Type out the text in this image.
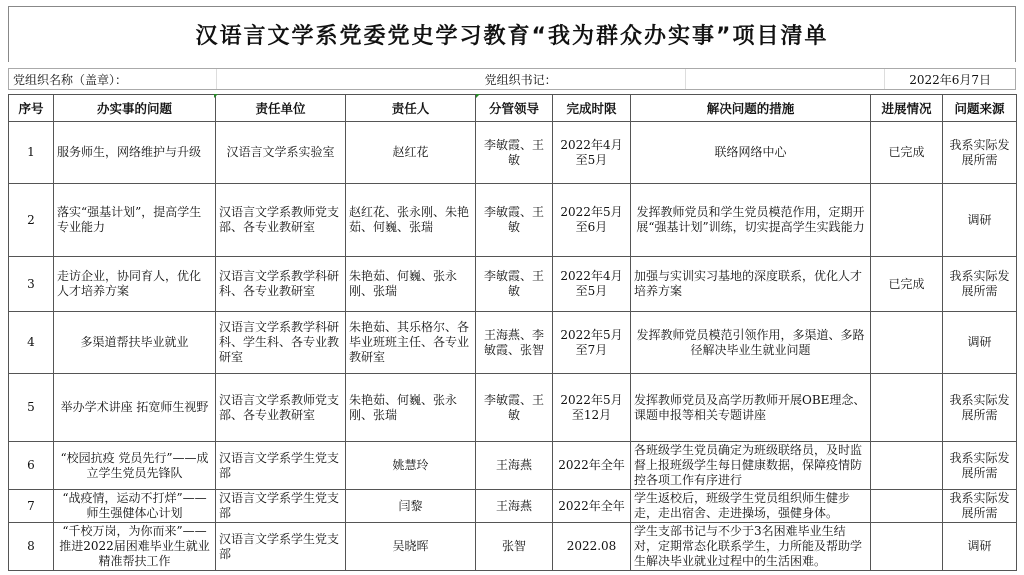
汉语言文学系党委党史学习教育“我为群众办实事”项目清单
党组织名称（盖章）：	党组织书记：	2022年6月7日
序号	办实事的问题	责任单位	责任人	分管领导	完成时限	解决问题的措施	进展情况	问题来源
1	服务师生，网络维护与升级	汉语言文学系实验室	赵红花	李敏霞、王敏	2022年4月至5月	联络网络中心	已完成	我系实际发展所需
2	落实“强基计划”，提高学生专业能力	汉语言文学系教师党支部、各专业教研室	赵红花、张永刚、朱艳茹、何巍、张瑞	李敏霞、王敏	2022年5月至6月	发挥教师党员和学生党员模范作用，定期开展“强基计划”训练，切实提高学生实践能力		调研
3	走访企业，协同育人，优化人才培养方案	汉语言文学系教学科研科、各专业教研室	朱艳茹、何巍、张永刚、张瑞	李敏霞、王敏	2022年4月至5月	加强与实训实习基地的深度联系，优化人才培养方案	已完成	我系实际发展所需
4	多渠道帮扶毕业就业	汉语言文学系教学科研科、学生科、各专业教研室	朱艳茹、其乐格尔、各毕业班班主任、各专业教研室	王海燕、李敏霞、张智	2022年5月至7月	发挥教师党员模范引领作用，多渠道、多路径解决毕业生就业问题		调研
5	举办学术讲座 拓宽师生视野	汉语言文学系教师党支部、各专业教研室	朱艳茹、何巍、张永刚、张瑞	李敏霞、王敏	2022年5月至12月	发挥教师党员及高学历教师开展OBE理念、课题申报等相关专题讲座		我系实际发展所需
6	“校园抗疫 党员先行”——成立学生党员先锋队	汉语言文学系学生党支部	姚慧玲	王海燕	2022年全年	各班级学生党员确定为班级联络员，及时监督上报班级学生每日健康数据，保障疫情防控各项工作有序进行		我系实际发展所需
7	“战疫情，运动不打烊”——师生强健体心计划	汉语言文学系学生党支部	闫黎	王海燕	2022年全年	学生返校后，班级学生党员组织师生健步走，走出宿舍、走进操场，强健身体。		我系实际发展所需
8	“千校万岗，为你而来”——推进2022届困难毕业生就业精准帮扶工作	汉语言文学系学生党支部	吴晓晖	张智	2022.08	学生支部书记与不少于3名困难毕业生结对，定期常态化联系学生，力所能及帮助学生解决毕业就业过程中的生活困难。		调研
